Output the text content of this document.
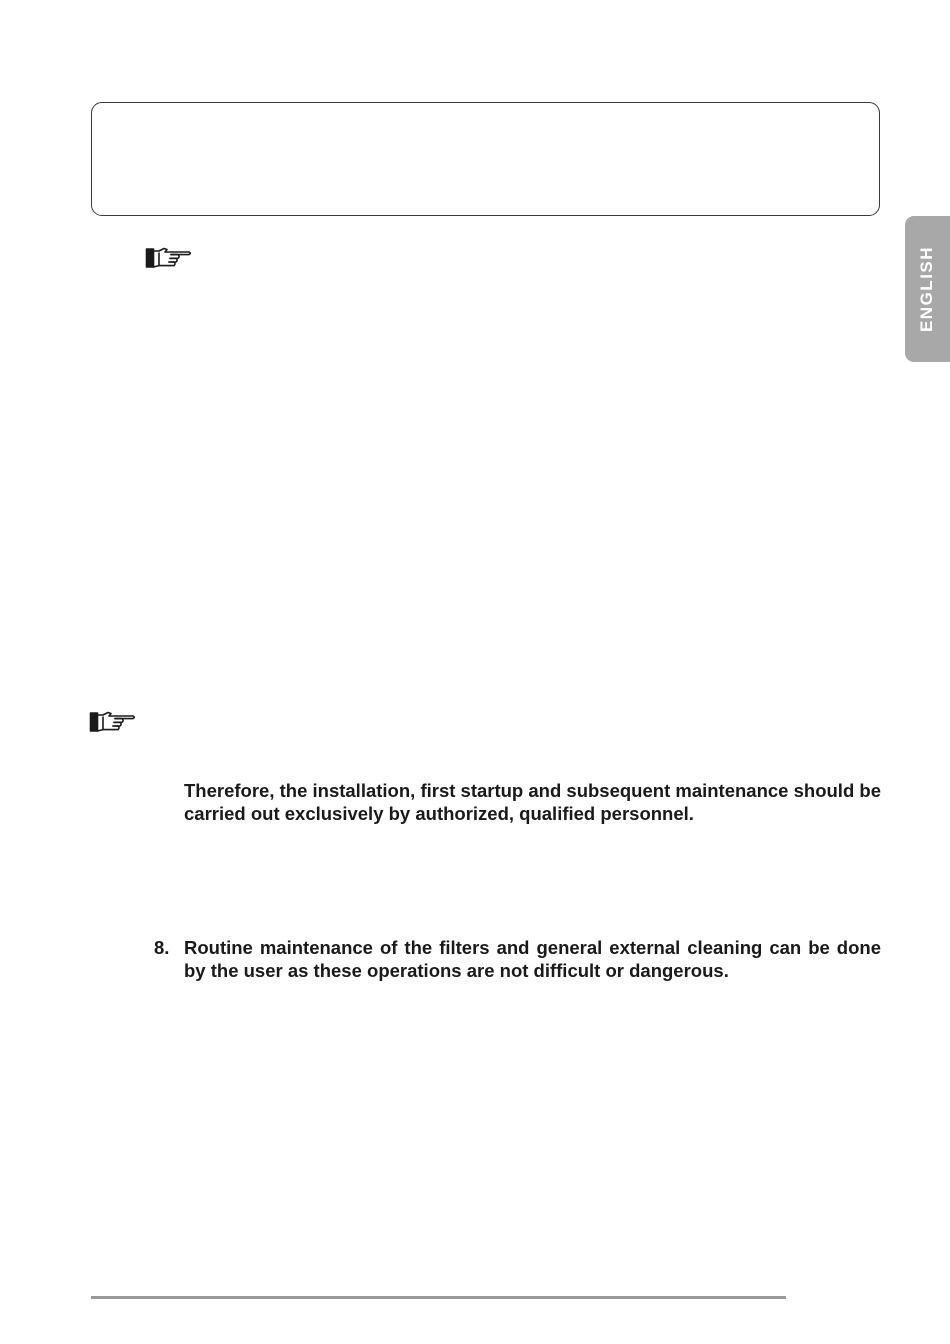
ENGLISH

Therefore, the installation, first startup and subsequent maintenance should be carried out exclusively by authorized, qualified personnel.

8. Routine maintenance of the filters and general external cleaning can be done by the user as these operations are not difficult or dangerous.
